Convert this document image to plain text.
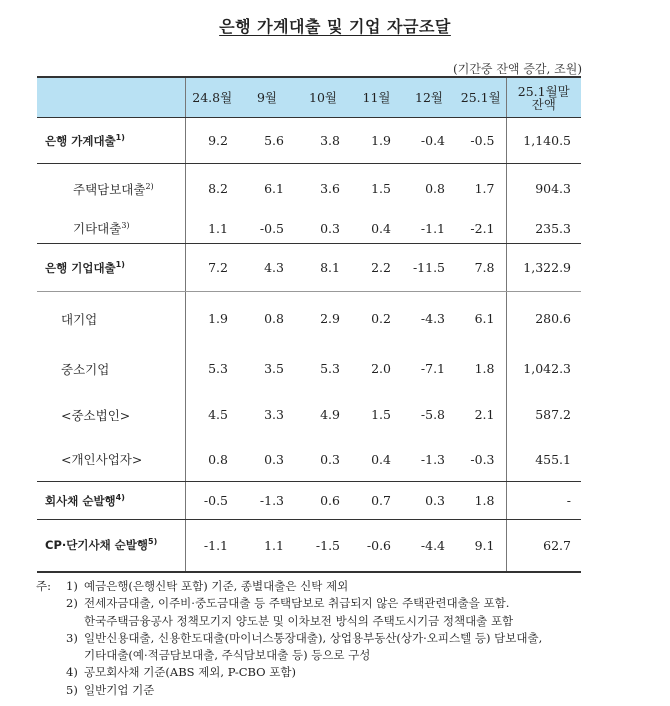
은행 가계대출 및 기업 자금조달
(기간중 잔액 증감, 조원)
	24.8월	9월	10월	11월	12월	25.1월	25.1월말
잔액
은행 가계대출$^{1)}$	9.2	5.6	3.8	1.9	-0.4	-0.5	1,140.5
주택담보대출$^{2)}$	8.2	6.1	3.6	1.5	0.8	1.7	904.3
기타대출$^{3)}$	1.1	-0.5	0.3	0.4	-1.1	-2.1	235.3
은행 기업대출$^{1)}$	7.2	4.3	8.1	2.2	-11.5	7.8	1,322.9
대기업	1.9	0.8	2.9	0.2	-4.3	6.1	280.6
중소기업	5.3	3.5	5.3	2.0	-7.1	1.8	1,042.3
<중소법인>	4.5	3.3	4.9	1.5	-5.8	2.1	587.2
<개인사업자>	0.8	0.3	0.3	0.4	-1.3	-0.3	455.1
회사채 순발행$^{4)}$	-0.5	-1.3	0.6	0.7	0.3	1.8	-
CP·단기사채 순발행$^{5)}$	-1.1	1.1	-1.5	-0.6	-4.4	9.1	62.7
주: 1) 예금은행(은행신탁 포함) 기준, 종별대출은 신탁 제외
2) 전세자금대출, 이주비·중도금대출 등 주택담보로 취급되지 않은 주택관련대출을 포함.
한국주택금융공사 정책모기지 양도분 및 이차보전 방식의 주택도시기금 정책대출 포함
3) 일반신용대출, 신용한도대출(마이너스통장대출), 상업용부동산(상가·오피스텔 등) 담보대출,
기타대출(예·적금담보대출, 주식담보대출 등) 등으로 구성
4) 공모회사채 기준(ABS 제외, P-CBO 포함)
5) 일반기업 기준
